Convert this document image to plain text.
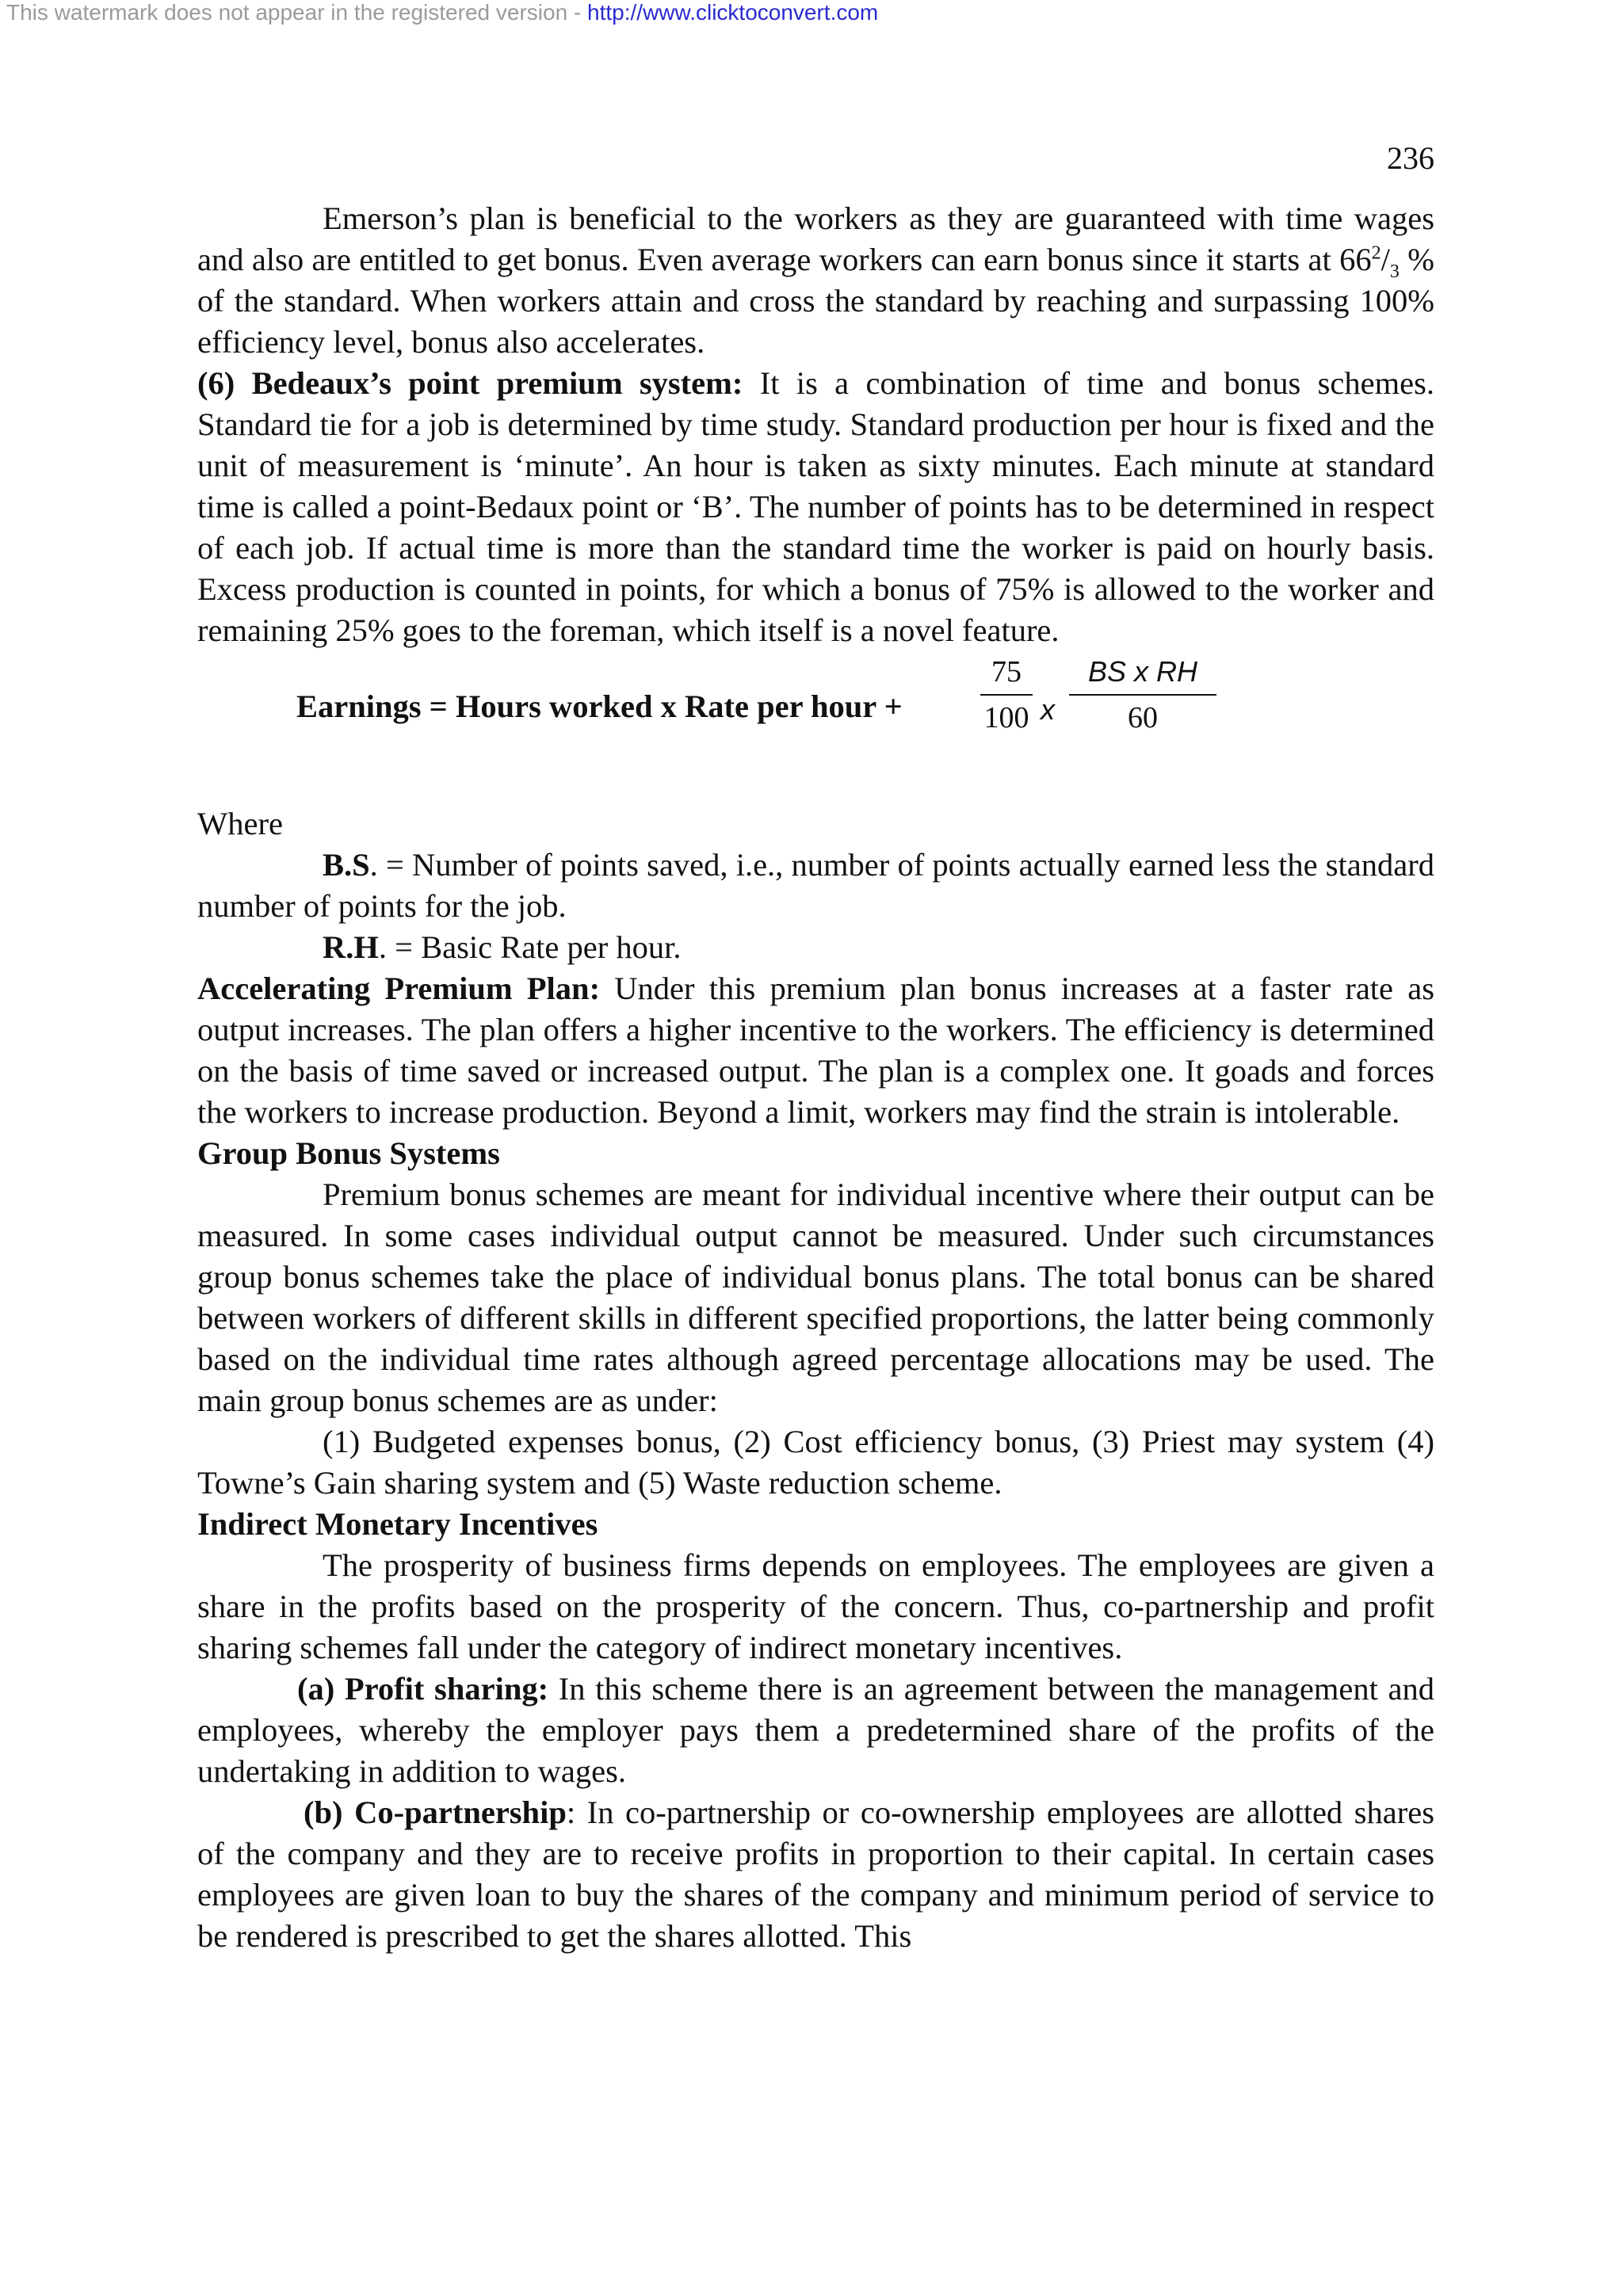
This watermark does not appear in the registered version - http://www.clicktoconvert.com
236

Emerson’s plan is beneficial to the workers as they are guaranteed with time wages and also are entitled to get bonus. Even average workers can earn bonus since it starts at $66^2/_3$ % of the standard. When workers attain and cross the standard by reaching and surpassing 100% efficiency level, bonus also accelerates.

(6) Bedeaux’s point premium system: It is a combination of time and bonus schemes. Standard tie for a job is determined by time study. Standard production per hour is fixed and the unit of measurement is ‘minute’. An hour is taken as sixty minutes. Each minute at standard time is called a point-Bedaux point or ‘B’. The number of points has to be determined in respect of each job. If actual time is more than the standard time the worker is paid on hourly basis. Excess production is counted in points, for which a bonus of 75% is allowed to the worker and remaining 25% goes to the foreman, which itself is a novel feature.

Earnings = Hours worked x Rate per hour +
75
100 x
BS x RH
60

Where

B.S. = Number of points saved, i.e., number of points actually earned less the standard number of points for the job.

R.H. = Basic Rate per hour.

Accelerating Premium Plan: Under this premium plan bonus increases at a faster rate as output increases. The plan offers a higher incentive to the workers. The efficiency is determined on the basis of time saved or increased output. The plan is a complex one. It goads and forces the workers to increase production. Beyond a limit, workers may find the strain is intolerable.

Group Bonus Systems

Premium bonus schemes are meant for individual incentive where their output can be measured. In some cases individual output cannot be measured. Under such circumstances group bonus schemes take the place of individual bonus plans. The total bonus can be shared between workers of different skills in different specified proportions, the latter being commonly based on the individual time rates although agreed percentage allocations may be used. The main group bonus schemes are as under:

(1) Budgeted expenses bonus, (2) Cost efficiency bonus, (3) Priest may system (4) Towne’s Gain sharing system and (5) Waste reduction scheme.

Indirect Monetary Incentives

The prosperity of business firms depends on employees. The employees are given a share in the profits based on the prosperity of the concern. Thus, co-partnership and profit sharing schemes fall under the category of indirect monetary incentives.

(a) Profit sharing: In this scheme there is an agreement between the management and employees, whereby the employer pays them a predetermined share of the profits of the undertaking in addition to wages.

(b) Co-partnership: In co-partnership or co-ownership employees are allotted shares of the company and they are to receive profits in proportion to their capital. In certain cases employees are given loan to buy the shares of the company and minimum period of service to be rendered is prescribed to get the shares allotted. This
